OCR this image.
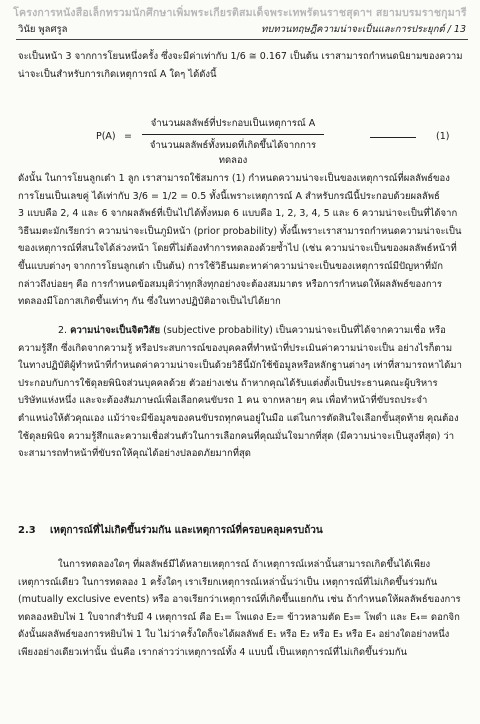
โครงการหนังสือเล็กทรวมนักศึกษาเพิ่มพระเกียรติสมเด็จพระเทพรัตนราชสุดาฯ สยามบรมราชกุมารี
วินัย พูลศรูล	ทบทวนทฤษฎีความน่าจะเป็นและการประยุกต์ / 13

จะเป็นหน้า 3 จากการโยนหนึ่งครั้ง ซึ่งจะมีค่าเท่ากับ 1/6 ≅ 0.167 เป็นต้น เราสามารถกำหนดนิยามของความ

น่าจะเป็นสำหรับการเกิดเหตุการณ์ A ใดๆ ได้ดังนี้

P(A) =
จำนวนผลลัพธ์ที่ประกอบเป็นเหตุการณ์ A
จำนวนผลลัพธ์ทั้งหมดที่เกิดขึ้นได้จากการทดลอง
(1)

ดังนั้น ในการโยนลูกเต๋า 1 ลูก เราสามารถใช้สมการ (1) กำหนดความน่าจะเป็นของเหตุการณ์ที่ผลลัพธ์ของ

การโยนเป็นเลขคู่ ได้เท่ากับ 3/6 = 1/2 = 0.5 ทั้งนี้เพราะเหตุการณ์ A สำหรับกรณีนี้ประกอบด้วยผลลัพธ์

3 แบบคือ 2, 4 และ 6 จากผลลัพธ์ที่เป็นไปได้ทั้งหมด 6 แบบคือ 1, 2, 3, 4, 5 และ 6 ความน่าจะเป็นที่ได้จาก

วิธีนมตะมักเรียกว่า ความน่าจะเป็นภูมิหน้า (prior probability) ทั้งนี้เพราะเราสามารถกำหนดความน่าจะเป็น

ของเหตุการณ์ที่สนใจได้ล่วงหน้า โดยที่ไม่ต้องทำการทดลองด้วยซ้ำไป (เช่น ความน่าจะเป็นของผลลัพธ์หน้าที่

ขึ้นแบบต่างๆ จากการโยนลูกเต๋า เป็นต้น) การใช้วิธีนมตะหาค่าความน่าจะเป็นของเหตุการณ์มีปัญหาที่มัก

กล่าวถึงบ่อยๆ คือ การกำหนดข้อสมมุติว่าทุกสิ่งทุกอย่างจะต้องสมมาตร หรือการกำหนดให้ผลลัพธ์ของการ

ทดลองมีโอกาสเกิดขึ้นเท่าๆ กัน ซึ่งในทางปฏิบัติอาจเป็นไปได้ยาก

2. ความน่าจะเป็นจิตวิสัย (subjective probability) เป็นความน่าจะเป็นที่ได้จากความเชื่อ หรือ

ความรู้สึก ซึ่งเกิดจากความรู้ หรือประสบการณ์ของบุคคลที่ทำหน้าที่ประเมินค่าความน่าจะเป็น อย่างไรก็ตาม

ในทางปฏิบัติผู้ทำหน้าที่กำหนดค่าความน่าจะเป็นด้วยวิธีนี้มักใช้ข้อมูลหรือหลักฐานต่างๆ เท่าที่สามารถหาได้มา

ประกอบกับการใช้ดุลยพินิจส่วนบุคคลด้วย ตัวอย่างเช่น ถ้าหากคุณได้รับแต่งตั้งเป็นประธานคณะผู้บริหาร

บริษัทแห่งหนึ่ง และจะต้องสัมภาษณ์เพื่อเลือกคนขับรถ 1 คน จากหลายๆ คน เพื่อทำหน้าที่ขับรถประจำ

ตำแหน่งให้ตัวคุณเอง แม้ว่าจะมีข้อมูลของคนขับรถทุกคนอยู่ในมือ แต่ในการตัดสินใจเลือกขั้นสุดท้าย คุณต้อง

ใช้ดุลยพินิจ ความรู้สึกและความเชื่อส่วนตัวในการเลือกคนที่คุณมั่นใจมากที่สุด (มีความน่าจะเป็นสูงที่สุด) ว่า

จะสามารถทำหน้าที่ขับรถให้คุณได้อย่างปลอดภัยมากที่สุด

2.3 เหตุการณ์ที่ไม่เกิดขึ้นร่วมกัน และเหตุการณ์ที่ครอบคลุมครบถ้วน

ในการทดลองใดๆ ที่ผลลัพธ์มีได้หลายเหตุการณ์ ถ้าเหตุการณ์เหล่านั้นสามารถเกิดขึ้นได้เพียง

เหตุการณ์เดียว ในการทดลอง 1 ครั้งใดๆ เราเรียกเหตุการณ์เหล่านั้นว่าเป็น เหตุการณ์ที่ไม่เกิดขึ้นร่วมกัน

(mutually exclusive events) หรือ อาจเรียกว่าเหตุการณ์ที่เกิดขึ้นแยกกัน เช่น ถ้ากำหนดให้ผลลัพธ์ของการ

ทดลองหยิบไพ่ 1 ใบจากสำรับมี 4 เหตุการณ์ คือ E₁= โพแดง E₂= ข้าวหลามตัด E₃= โพดำ และ E₄= ดอกจิก

ดังนั้นผลลัพธ์ของการหยิบไพ่ 1 ใบ ไม่ว่าครั้งใดก็จะได้ผลลัพธ์ E₁ หรือ E₂ หรือ E₃ หรือ E₄ อย่างใดอย่างหนึ่ง

เพียงอย่างเดียวเท่านั้น นั่นคือ เรากล่าวว่าเหตุการณ์ทั้ง 4 แบบนี้ เป็นเหตุการณ์ที่ไม่เกิดขึ้นร่วมกัน
